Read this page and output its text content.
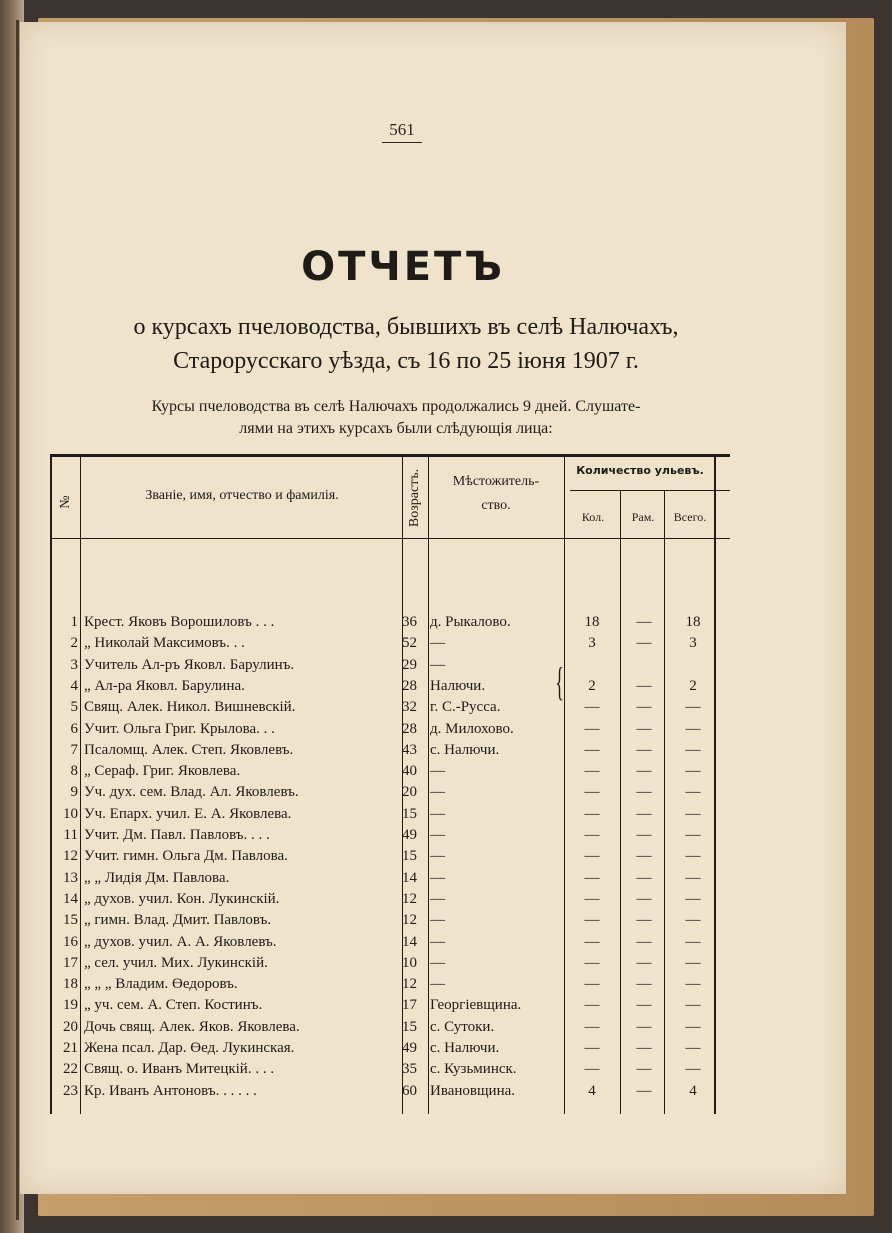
561
ОТЧЕТЪ
о курсахъ пчеловодства, бывшихъ въ селѣ Налючахъ,
Старорусскаго уѣзда, съ 16 по 25 іюня 1907 г.
Курсы пчеловодства въ селѣ Налючахъ продолжались 9 дней. Слушате-
лями на этихъ курсахъ были слѣдующія лица:
№	Званіе, имя, отчество и фамилія.	Возрастъ.	Мѣстожитель-
ство.
Количество ульевъ.
Кол.	Рам.	Всего.
1 Крест. Яковъ Ворошиловъ . . .	36 д. Рыкалово.	18	—	18
2 „ Николай Максимовъ. . .	52 —	3	—	3
3 Учитель Ал-ръ Яковл. Барулинъ.	29 —
4 „ Ал-ра Яковл. Барулина.	28 Налючи.	2	—	2
5 Свящ. Алек. Никол. Вишневскій.	32 г. С.-Русса.	—	—	—
6 Учит. Ольга Григ. Крылова. . .	28 д. Милохово.	—	—	—
7 Псаломщ. Алек. Степ. Яковлевъ.	43 с. Налючи.	—	—	—
8 „ Сераф. Григ. Яковлева.	40 —	—	—	—
9 Уч. дух. сем. Влад. Ал. Яковлевъ.	20 —	—	—	—
10 Уч. Епарх. учил. Е. А. Яковлева.	15 —	—	—	—
11 Учит. Дм. Павл. Павловъ. . . .	49 —	—	—	—
12 Учит. гимн. Ольга Дм. Павлова.	15 —	—	—	—
13 „ „ Лидія Дм. Павлова.	14 —	—	—	—
14 „ духов. учил. Кон. Лукинскій.	12 —	—	—	—
15 „ гимн. Влад. Дмит. Павловъ.	12 —	—	—	—
16 „ духов. учил. А. А. Яковлевъ.	14 —	—	—	—
17 „ сел. учил. Мих. Лукинскій.	10 —	—	—	—
18 „ „ „ Владим. Өедоровъ.	12 —	—	—	—
19 „ уч. сем. А. Степ. Костинъ.	17 Георгіевщина.	—	—	—
20 Дочь свящ. Алек. Яков. Яковлева.	15 с. Сутоки.	—	—	—
21 Жена псал. Дар. Өед. Лукинская.	49 с. Налючи.	—	—	—
22 Свящ. о. Иванъ Митецкій. . . .	35 с. Кузьминск.	—	—	—
23 Кр. Иванъ Антоновъ. . . . . .	60 Ивановщина.	4	—	4
{
